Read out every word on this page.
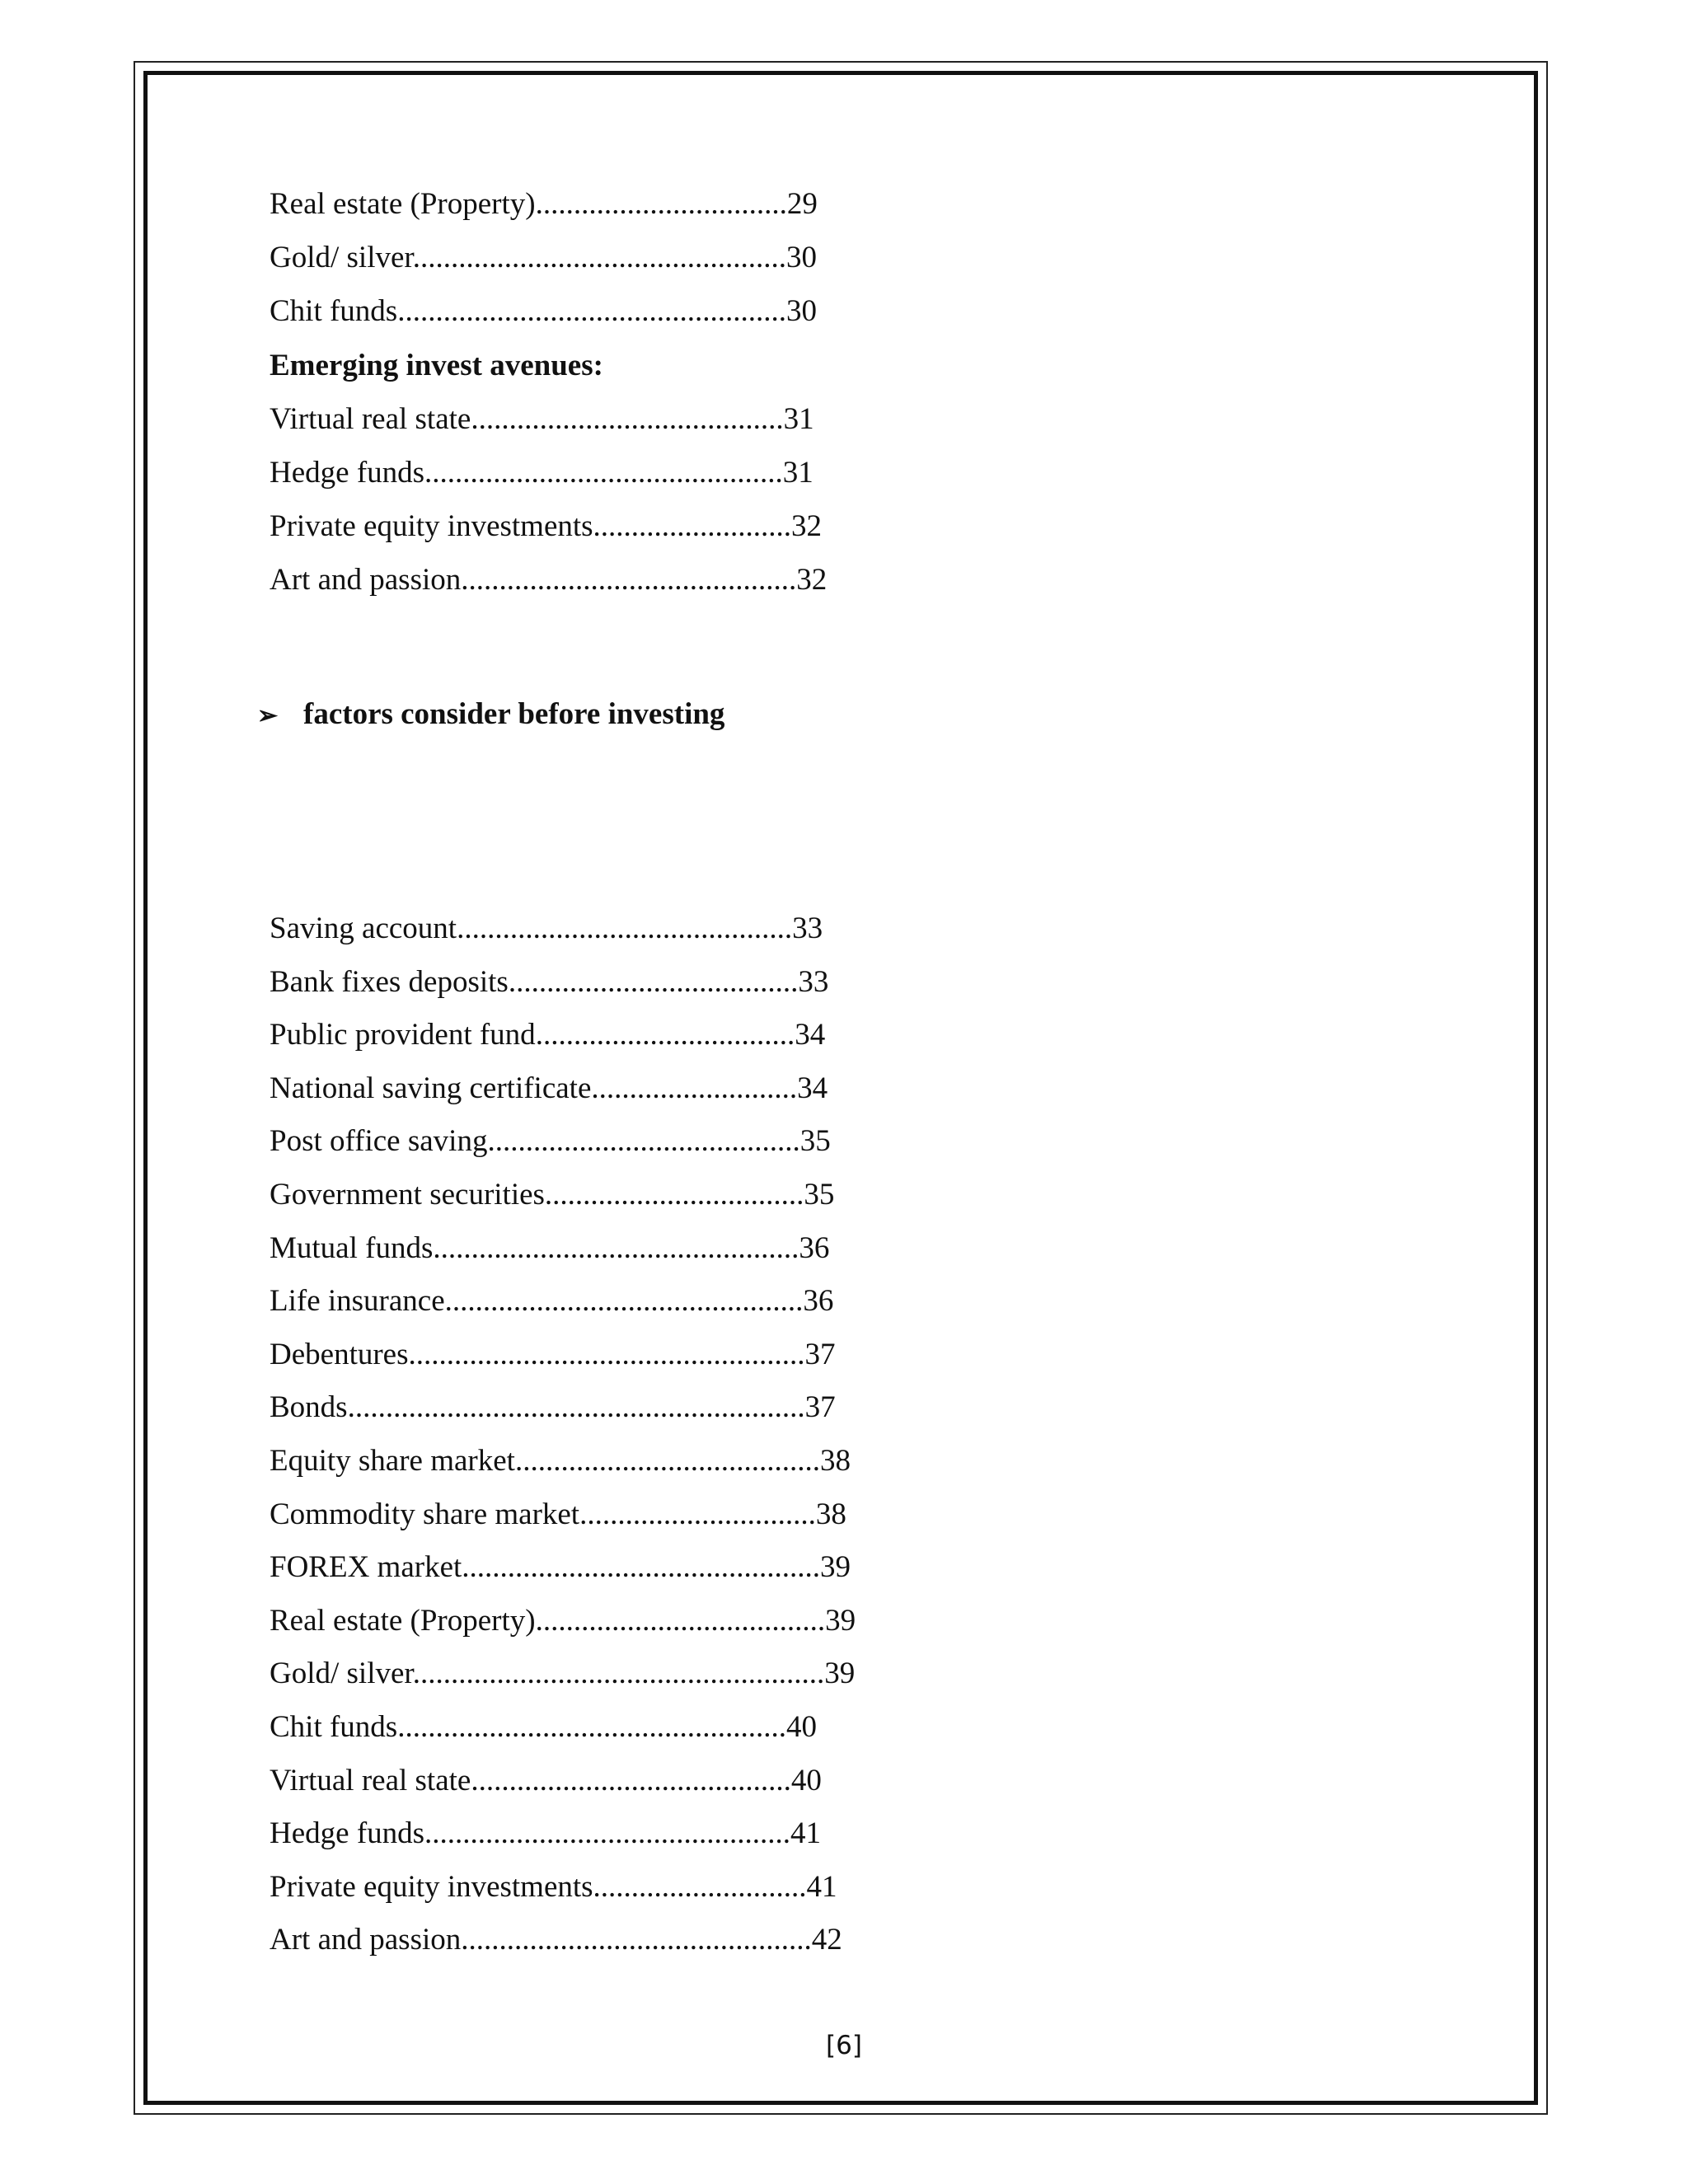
Real estate (Property).................................29
Gold/ silver.................................................30
Chit funds...................................................30
Emerging invest avenues:
Virtual real state.........................................31
Hedge funds...............................................31
Private equity investments..........................32
Art and passion............................................32
➢ factors consider before investing
Saving account............................................33
Bank fixes deposits......................................33
Public provident fund..................................34
National saving certificate...........................34
Post office saving.........................................35
Government securities..................................35
Mutual funds................................................36
Life insurance...............................................36
Debentures....................................................37
Bonds............................................................37
Equity share market........................................38
Commodity share market...............................38
FOREX market...............................................39
Real estate (Property)......................................39
Gold/ silver......................................................39
Chit funds...................................................40
Virtual real state..........................................40
Hedge funds................................................41
Private equity investments............................41
Art and passion..............................................42
[6]
